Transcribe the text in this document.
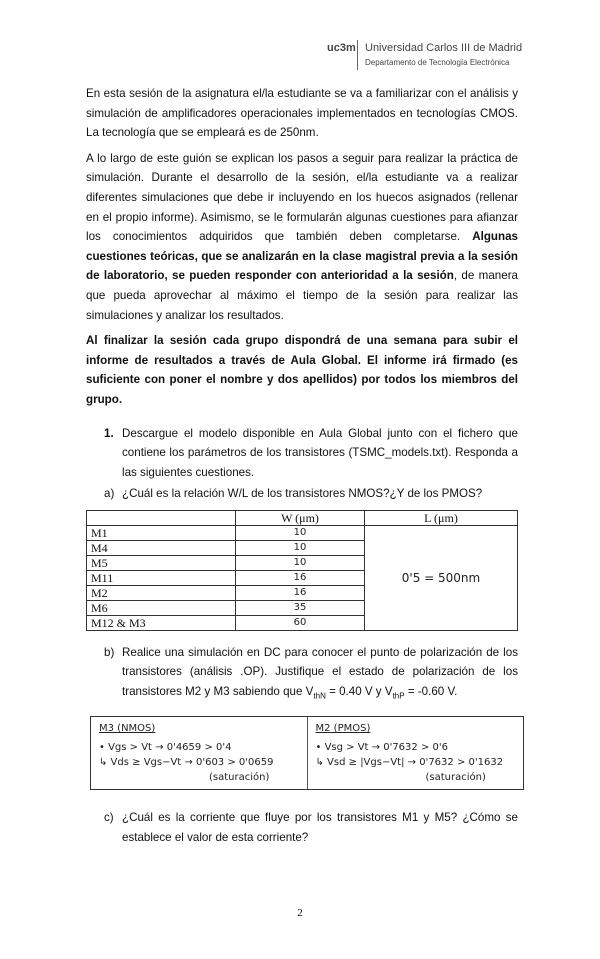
uc3m Universidad Carlos III de Madrid
Departamento de Tecnología Electrónica

En esta sesión de la asignatura el/la estudiante se va a familiarizar con el análisis y simulación de amplificadores operacionales implementados en tecnologías CMOS. La tecnología que se empleará es de 250nm.

A lo largo de este guión se explican los pasos a seguir para realizar la práctica de simulación. Durante el desarrollo de la sesión, el/la estudiante va a realizar diferentes simulaciones que debe ir incluyendo en los huecos asignados (rellenar en el propio informe). Asimismo, se le formularán algunas cuestiones para afianzar los conocimientos adquiridos que también deben completarse. Algunas cuestiones teóricas, que se analizarán en la clase magistral previa a la sesión de laboratorio, se pueden responder con anterioridad a la sesión, de manera que pueda aprovechar al máximo el tiempo de la sesión para realizar las simulaciones y analizar los resultados.

Al finalizar la sesión cada grupo dispondrá de una semana para subir el informe de resultados a través de Aula Global. El informe irá firmado (es suficiente con poner el nombre y dos apellidos) por todos los miembros del grupo.

1. Descargue el modelo disponible en Aula Global junto con el fichero que contiene los parámetros de los transistores (TSMC_models.txt). Responda a las siguientes cuestiones.
a) ¿Cuál es la relación W/L de los transistores NMOS?¿Y de los PMOS?
	W (μm)	L (μm)
M1	10	0'5 = 500nm
M4	10	
M5	10	
M11	16	
M2	16	
M6	35	
M12 & M3	60	
b) Realice una simulación en DC para conocer el punto de polarización de los transistores (análisis .OP). Justifique el estado de polarización de los transistores M2 y M3 sabiendo que $V_{thN} = 0.40$ V y $V_{thP} = -0.60$ V.
M3 (NMOS)
• Vgs > Vt → 0'4659 > 0'4
↳ Vds ≥ Vgs−Vt → 0'603 > 0'0659
(saturación)
M2 (PMOS)
• Vsg > Vt → 0'7632 > 0'6
↳ Vsd ≥ |Vgs−Vt| → 0'7632 > 0'1632
(saturación)
c) ¿Cuál es la corriente que fluye por los transistores M1 y M5? ¿Cómo se establece el valor de esta corriente?
2
